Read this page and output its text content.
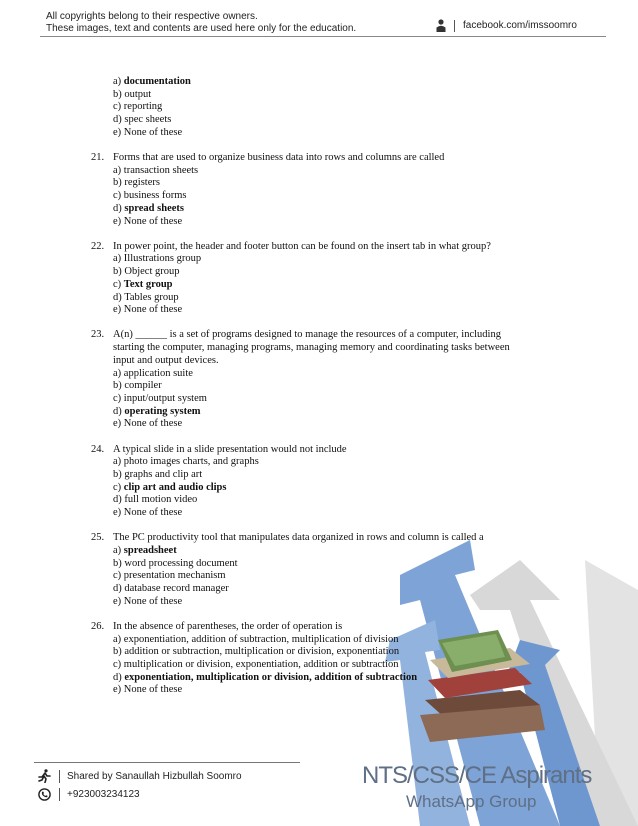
All copyrights belong to their respective owners.
These images, text and contents are used here only for the education.	facebook.com/imssoomro
a) documentation
b) output
c) reporting
d) spec sheets
e) None of these
21. Forms that are used to organize business data into rows and columns are called
a) transaction sheets
b) registers
c) business forms
d) spread sheets
e) None of these
22. In power point, the header and footer button can be found on the insert tab in what group?
a) Illustrations group
b) Object group
c) Text group
d) Tables group
e) None of these
23. A(n) ______ is a set of programs designed to manage the resources of a computer, including
starting the computer, managing programs, managing memory and coordinating tasks between
input and output devices.
a) application suite
b) compiler
c) input/output system
d) operating system
e) None of these
24. A typical slide in a slide presentation would not include
a) photo images charts, and graphs
b) graphs and clip art
c) clip art and audio clips
d) full motion video
e) None of these
25. The PC productivity tool that manipulates data organized in rows and column is called a
a) spreadsheet
b) word processing document
c) presentation mechanism
d) database record manager
e) None of these
26. In the absence of parentheses, the order of operation is
a) exponentiation, addition of subtraction, multiplication of division
b) addition or subtraction, multiplication or division, exponentiation
c) multiplication or division, exponentiation, addition or subtraction
d) exponentiation, multiplication or division, addition of subtraction
e) None of these
Shared by Sanaullah Hizbullah Soomro
+923003234123
NTS/CSS/CE Aspirants
WhatsApp Group
